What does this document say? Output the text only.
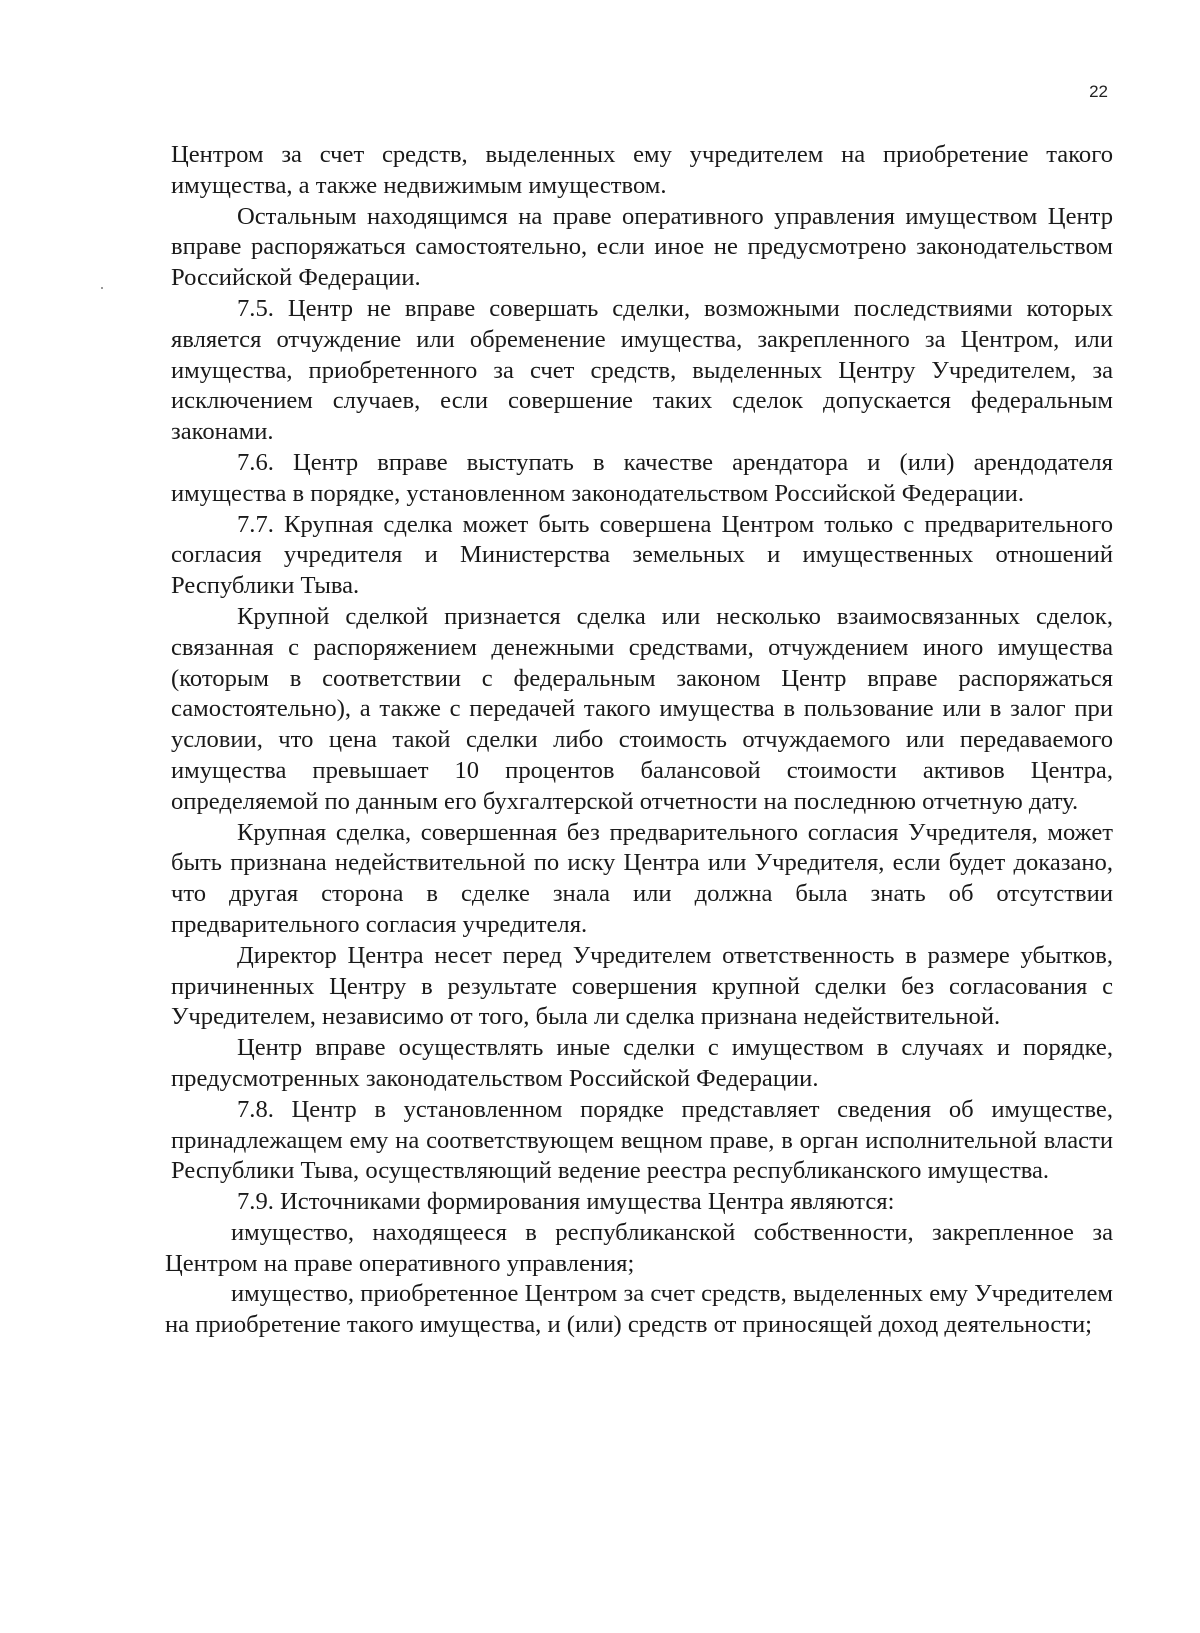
22

Центром за счет средств, выделенных ему учредителем на приобретение такого имущества, а также недвижимым имуществом.

Остальным находящимся на праве оперативного управления имуществом Центр вправе распоряжаться самостоятельно, если иное не предусмотрено законодательством Российской Федерации.

7.5. Центр не вправе совершать сделки, возможными последствиями которых является отчуждение или обременение имущества, закрепленного за Центром, или имущества, приобретенного за счет средств, выделенных Центру Учредителем, за исключением случаев, если совершение таких сделок допускается федеральным законами.

7.6. Центр вправе выступать в качестве арендатора и (или) арендодателя имущества в порядке, установленном законодательством Российской Федерации.

7.7. Крупная сделка может быть совершена Центром только с предварительного согласия учредителя и Министерства земельных и имущественных отношений Республики Тыва.

Крупной сделкой признается сделка или несколько взаимосвязанных сделок, связанная с распоряжением денежными средствами, отчуждением иного имущества (которым в соответствии с федеральным законом Центр вправе распоряжаться самостоятельно), а также с передачей такого имущества в пользование или в залог при условии, что цена такой сделки либо стоимость отчуждаемого или передаваемого имущества превышает 10 процентов балансовой стоимости активов Центра, определяемой по данным его бухгалтерской отчетности на последнюю отчетную дату.

Крупная сделка, совершенная без предварительного согласия Учредителя, может быть признана недействительной по иску Центра или Учредителя, если будет доказано, что другая сторона в сделке знала или должна была знать об отсутствии предварительного согласия учредителя.

Директор Центра несет перед Учредителем ответственность в размере убытков, причиненных Центру в результате совершения крупной сделки без согласования с Учредителем, независимо от того, была ли сделка признана недействительной.

Центр вправе осуществлять иные сделки с имуществом в случаях и порядке, предусмотренных законодательством Российской Федерации.

7.8. Центр в установленном порядке представляет сведения об имуществе, принадлежащем ему на соответствующем вещном праве, в орган исполнительной власти Республики Тыва, осуществляющий ведение реестра республиканского имущества.

7.9. Источниками формирования имущества Центра являются:

имущество, находящееся в республиканской собственности, закрепленное за Центром на праве оперативного управления;

имущество, приобретенное Центром за счет средств, выделенных ему Учредителем на приобретение такого имущества, и (или) средств от приносящей доход деятельности;
